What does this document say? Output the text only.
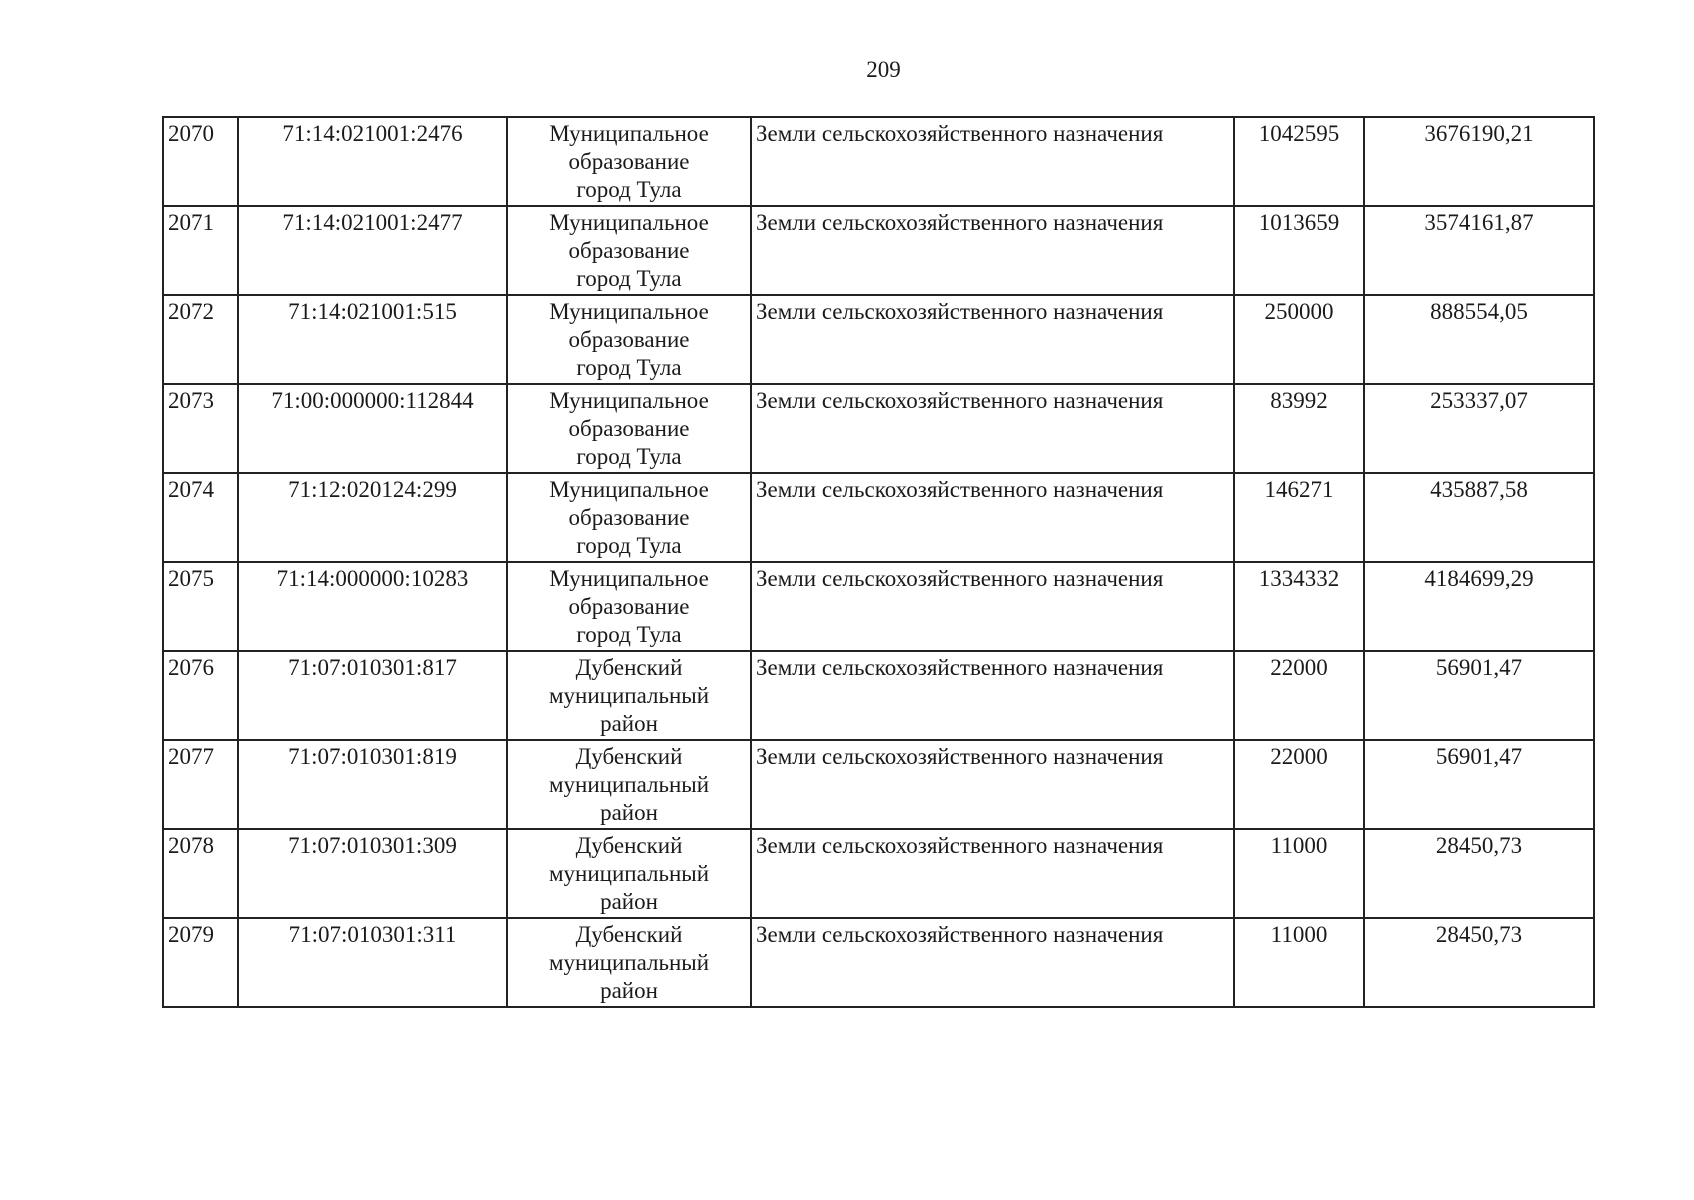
209
2070	71:14:021001:2476	Муниципальное
образование
город Тула	Земли сельскохозяйственного назначения	1042595	3676190,21
2071	71:14:021001:2477	Муниципальное
образование
город Тула	Земли сельскохозяйственного назначения	1013659	3574161,87
2072	71:14:021001:515	Муниципальное
образование
город Тула	Земли сельскохозяйственного назначения	250000	888554,05
2073	71:00:000000:112844	Муниципальное
образование
город Тула	Земли сельскохозяйственного назначения	83992	253337,07
2074	71:12:020124:299	Муниципальное
образование
город Тула	Земли сельскохозяйственного назначения	146271	435887,58
2075	71:14:000000:10283	Муниципальное
образование
город Тула	Земли сельскохозяйственного назначения	1334332	4184699,29
2076	71:07:010301:817	Дубенский
муниципальный
район	Земли сельскохозяйственного назначения	22000	56901,47
2077	71:07:010301:819	Дубенский
муниципальный
район	Земли сельскохозяйственного назначения	22000	56901,47
2078	71:07:010301:309	Дубенский
муниципальный
район	Земли сельскохозяйственного назначения	11000	28450,73
2079	71:07:010301:311	Дубенский
муниципальный
район	Земли сельскохозяйственного назначения	11000	28450,73
